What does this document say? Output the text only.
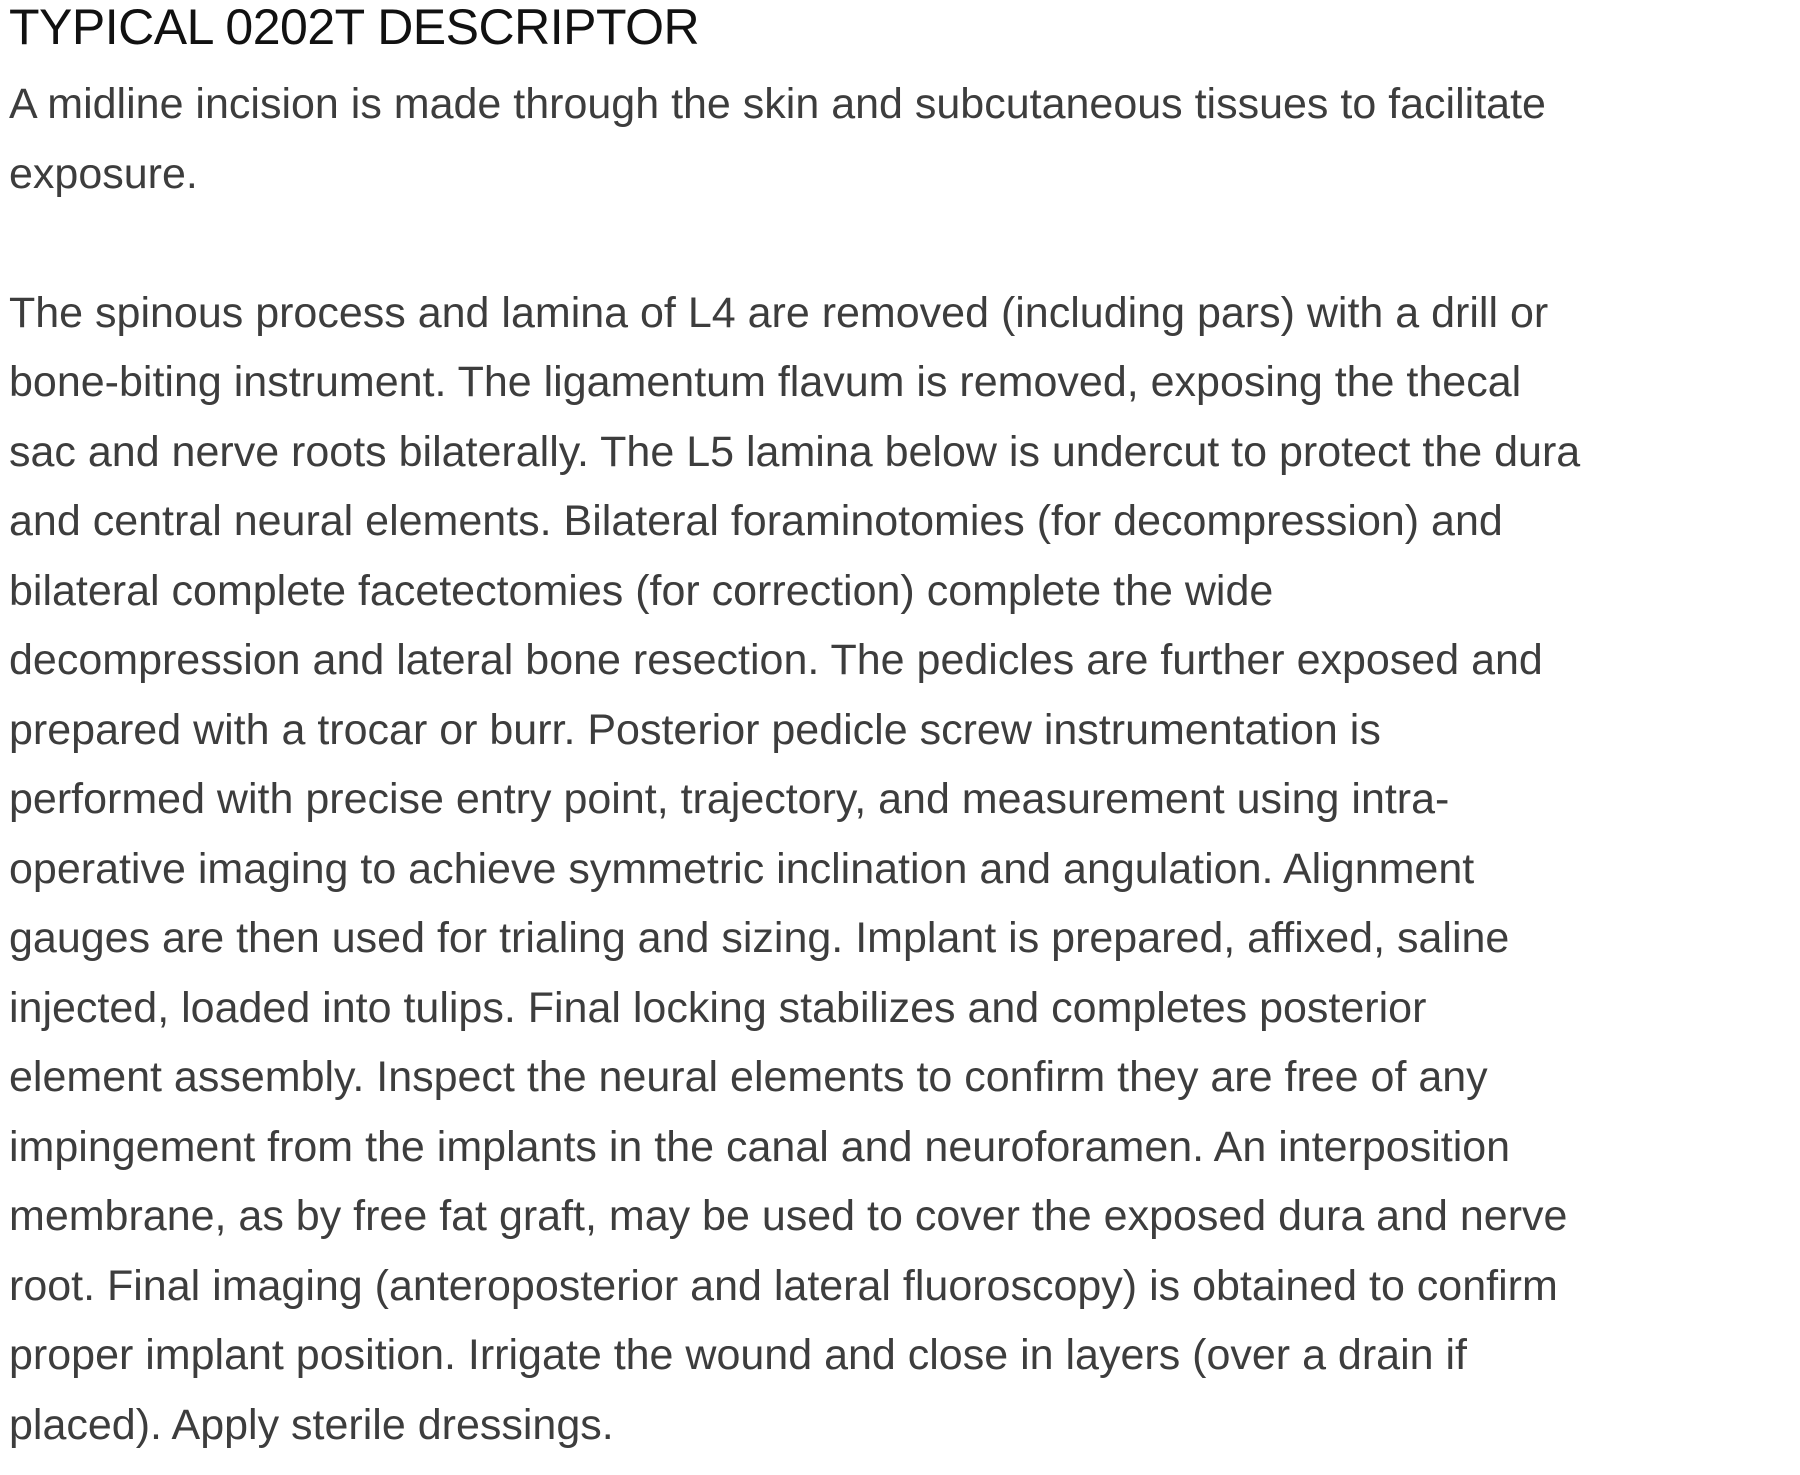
TYPICAL 0202T DESCRIPTOR
A midline incision is made through the skin and subcutaneous tissues to facilitate
exposure.
The spinous process and lamina of L4 are removed (including pars) with a drill or
bone-biting instrument. The ligamentum flavum is removed, exposing the thecal
sac and nerve roots bilaterally. The L5 lamina below is undercut to protect the dura
and central neural elements. Bilateral foraminotomies (for decompression) and
bilateral complete facetectomies (for correction) complete the wide
decompression and lateral bone resection. The pedicles are further exposed and
prepared with a trocar or burr. Posterior pedicle screw instrumentation is
performed with precise entry point, trajectory, and measurement using intra-
operative imaging to achieve symmetric inclination and angulation. Alignment
gauges are then used for trialing and sizing. Implant is prepared, affixed, saline
injected, loaded into tulips. Final locking stabilizes and completes posterior
element assembly. Inspect the neural elements to confirm they are free of any
impingement from the implants in the canal and neuroforamen. An interposition
membrane, as by free fat graft, may be used to cover the exposed dura and nerve
root. Final imaging (anteroposterior and lateral fluoroscopy) is obtained to confirm
proper implant position. Irrigate the wound and close in layers (over a drain if
placed). Apply sterile dressings.
